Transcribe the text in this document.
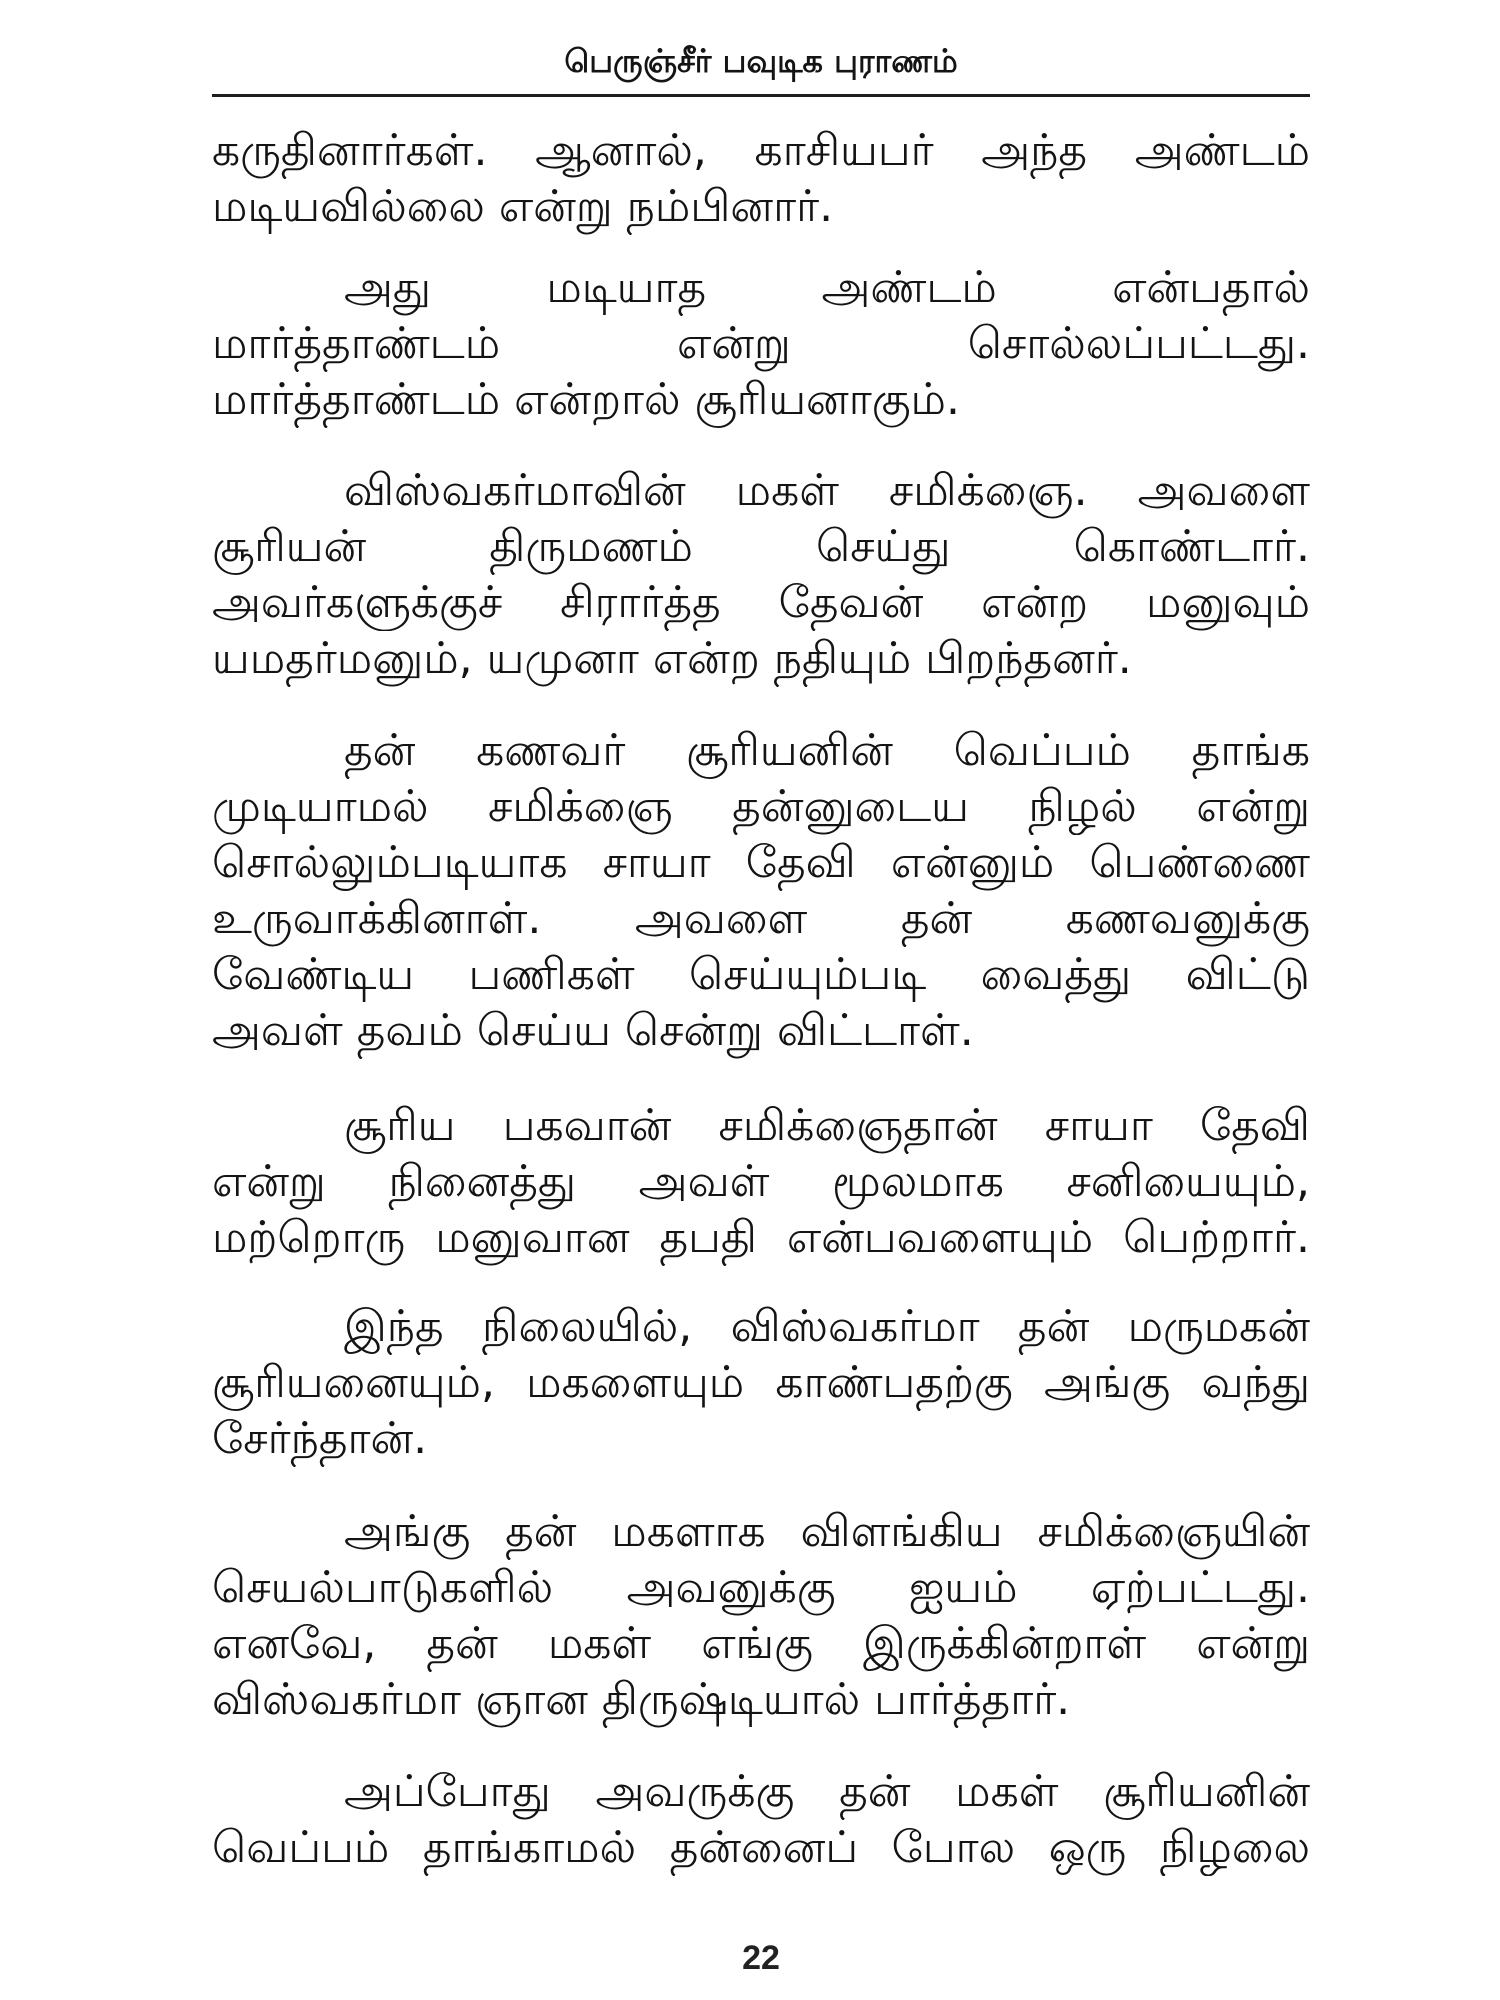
பெருஞ்சீர் பவுடிக புராணம்
கருதினார்கள். ஆனால், காசியபர் அந்த அண்டம்
மடியவில்லை என்று நம்பினார்.
அது மடியாத அண்டம் என்பதால்
மார்த்தாண்டம் என்று சொல்லப்பட்டது.
மார்த்தாண்டம் என்றால் சூரியனாகும்.
விஸ்வகர்மாவின் மகள் சமிக்ஞை. அவளை
சூரியன் திருமணம் செய்து கொண்டார்.
அவர்களுக்குச் சிரார்த்த தேவன் என்ற மனுவும்
யமதர்மனும், யமுனா என்ற நதியும் பிறந்தனர்.
தன் கணவர் சூரியனின் வெப்பம் தாங்க
முடியாமல் சமிக்ஞை தன்னுடைய நிழல் என்று
சொல்லும்படியாக சாயா தேவி என்னும் பெண்ணை
உருவாக்கினாள். அவளை தன் கணவனுக்கு
வேண்டிய பணிகள் செய்யும்படி வைத்து விட்டு
அவள் தவம் செய்ய சென்று விட்டாள்.
சூரிய பகவான் சமிக்ஞைதான் சாயா தேவி
என்று நினைத்து அவள் மூலமாக சனியையும்,
மற்றொரு மனுவான தபதி என்பவளையும் பெற்றார்.
இந்த நிலையில், விஸ்வகர்மா தன் மருமகன்
சூரியனையும், மகளையும் காண்பதற்கு அங்கு வந்து
சேர்ந்தான்.
அங்கு தன் மகளாக விளங்கிய சமிக்ஞையின்
செயல்பாடுகளில் அவனுக்கு ஐயம் ஏற்பட்டது.
எனவே, தன் மகள் எங்கு இருக்கின்றாள் என்று
விஸ்வகர்மா ஞான திருஷ்டியால் பார்த்தார்.
அப்போது அவருக்கு தன் மகள் சூரியனின்
வெப்பம் தாங்காமல் தன்னைப் போல ஒரு நிழலை
22
